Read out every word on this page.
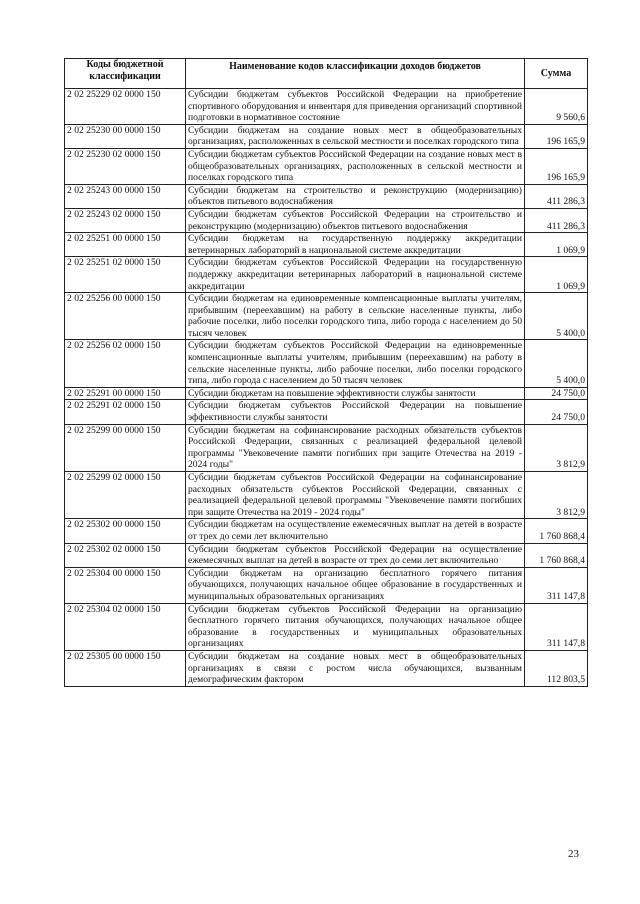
Коды бюджетной классификации	Наименование кодов классификации доходов бюджетов	Сумма
2 02 25229 02 0000 150	Субсидии бюджетам субъектов Российской Федерации на приобретение спортивного оборудования и инвентаря для приведения организаций спортивной подготовки в нормативное состояние	9 560,6
2 02 25230 00 0000 150	Субсидии бюджетам на создание новых мест в общеобразовательных организациях, расположенных в сельской местности и поселках городского типа	196 165,9
2 02 25230 02 0000 150	Субсидии бюджетам субъектов Российской Федерации на создание новых мест в общеобразовательных организациях, расположенных в сельской местности и поселках городского типа	196 165,9
2 02 25243 00 0000 150	Субсидии бюджетам на строительство и реконструкцию (модернизацию) объектов питьевого водоснабжения	411 286,3
2 02 25243 02 0000 150	Субсидии бюджетам субъектов Российской Федерации на строительство и реконструкцию (модернизацию) объектов питьевого водоснабжения	411 286,3
2 02 25251 00 0000 150	Субсидии бюджетам на государственную поддержку аккредитации ветеринарных лабораторий в национальной системе аккредитации	1 069,9
2 02 25251 02 0000 150	Субсидии бюджетам субъектов Российской Федерации на государственную поддержку аккредитации ветеринарных лабораторий в национальной системе аккредитации	1 069,9
2 02 25256 00 0000 150	Субсидии бюджетам на единовременные компенсационные выплаты учителям, прибывшим (переехавшим) на работу в сельские населенные пункты, либо рабочие поселки, либо поселки городского типа, либо города с населением до 50 тысяч человек	5 400,0
2 02 25256 02 0000 150	Субсидии бюджетам субъектов Российской Федерации на единовременные компенсационные выплаты учителям, прибывшим (переехавшим) на работу в сельские населенные пункты, либо рабочие поселки, либо поселки городского типа, либо города с населением до 50 тысяч человек	5 400,0
2 02 25291 00 0000 150	Субсидии бюджетам на повышение эффективности службы занятости	24 750,0
2 02 25291 02 0000 150	Субсидии бюджетам субъектов Российской Федерации на повышение эффективности службы занятости	24 750,0
2 02 25299 00 0000 150	Субсидии бюджетам на софинансирование расходных обязательств субъектов Российской Федерации, связанных с реализацией федеральной целевой программы "Увековечение памяти погибших при защите Отечества на 2019 - 2024 годы"	3 812,9
2 02 25299 02 0000 150	Субсидии бюджетам субъектов Российской Федерации на софинансирование расходных обязательств субъектов Российской Федерации, связанных с реализацией федеральной целевой программы "Увековечение памяти погибших при защите Отечества на 2019 - 2024 годы"	3 812,9
2 02 25302 00 0000 150	Субсидии бюджетам на осуществление ежемесячных выплат на детей в возрасте от трех до семи лет включительно	1 760 868,4
2 02 25302 02 0000 150	Субсидии бюджетам субъектов Российской Федерации на осуществление ежемесячных выплат на детей в возрасте от трех до семи лет включительно	1 760 868,4
2 02 25304 00 0000 150	Субсидии бюджетам на организацию бесплатного горячего питания обучающихся, получающих начальное общее образование в государственных и муниципальных образовательных организациях	311 147,8
2 02 25304 02 0000 150	Субсидии бюджетам субъектов Российской Федерации на организацию бесплатного горячего питания обучающихся, получающих начальное общее образование в государственных и муниципальных образовательных организациях	311 147,8
2 02 25305 00 0000 150	Субсидии бюджетам на создание новых мест в общеобразовательных организациях в связи с ростом числа обучающихся, вызванным демографическим фактором	112 803,5
23
